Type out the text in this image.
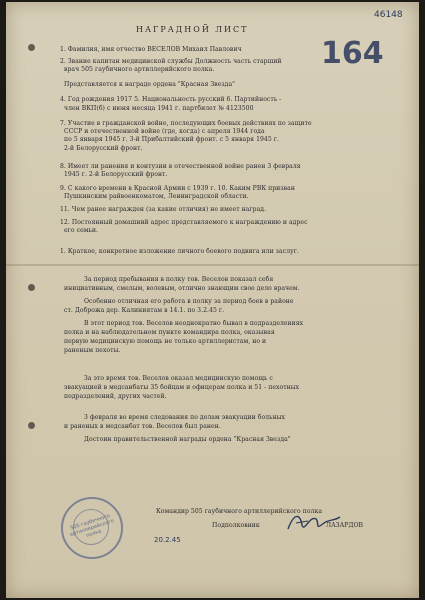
НАГРАДНОЙ ЛИСТ
46148
164
1. Фамилия, имя отчество ВЕСЕЛОВ Михаил Павлович
2. Звание капитан медицинской службы Должность часть старший
врач 505 гаубичного артиллерийского полка.
Представляется к награде ордена "Красная Звезда"
4. Год рождения 1917 5. Национальность русский 6. Партийность -
член ВКП(б) с июня месяца 1941 г. партбилет № 4123500
7. Участие в гражданской войне, последующих боевых действиях по защите
СССР и отечественной войне (где, когда) с апреля 1944 года
по 5 января 1945 г. 3-й Прибалтийский фронт. с 5 января 1945 г.
2-й Белорусский фронт.
8. Имеет ли ранения и контузии в отечественной войне ранен 3 февраля
1945 г. 2-й Белорусский фронт.
9. С какого времени в Красной Армии с 1939 г. 10. Каким РВК призван
Пушкинским райвоенкоматом, Ленинградской области.
11. Чем ранее награжден (за какие отличия) не имеет наград.
12. Постоянный домашний адрес представляемого к награждению и адрес
его семьи.
1. Краткое, конкретное изложение личного боевого подвига или заслуг.
За период пребывания в полку тов. Веселов показал себя
инициативным, смелым, волевым, отлично знающим свое дело врачем.
Особенно отличная его работа в полку за период боев в районе
ст. Доброжа дер. Калиниятам в 14.1. по 3.2.45 г.
В этот период тов. Веселов неоднократно бывал в подразделениях
полка и на наблюдательном пункте командира полка, оказывая
первую медицинскую помощь не только артиллеристам, но и
раненым пехоты.
За это время тов. Веселов оказал медицинскую помощь с
эвакуацией в медсанбаты 35 бойцам и офицерам полка и 51 - пехотных
подразделений, других частей.
3 февраля во время следования по делам эвакуации больных
и раненых в медсанбат тов. Веселов был ранен.
Достоин правительственной награды ордена "Красная Звезда"
505 гаубичного артиллерийского полка
Командир 505 гаубичного артиллерийского полка
Подполковник	ЛАЗАРДОВ
20.2.45
